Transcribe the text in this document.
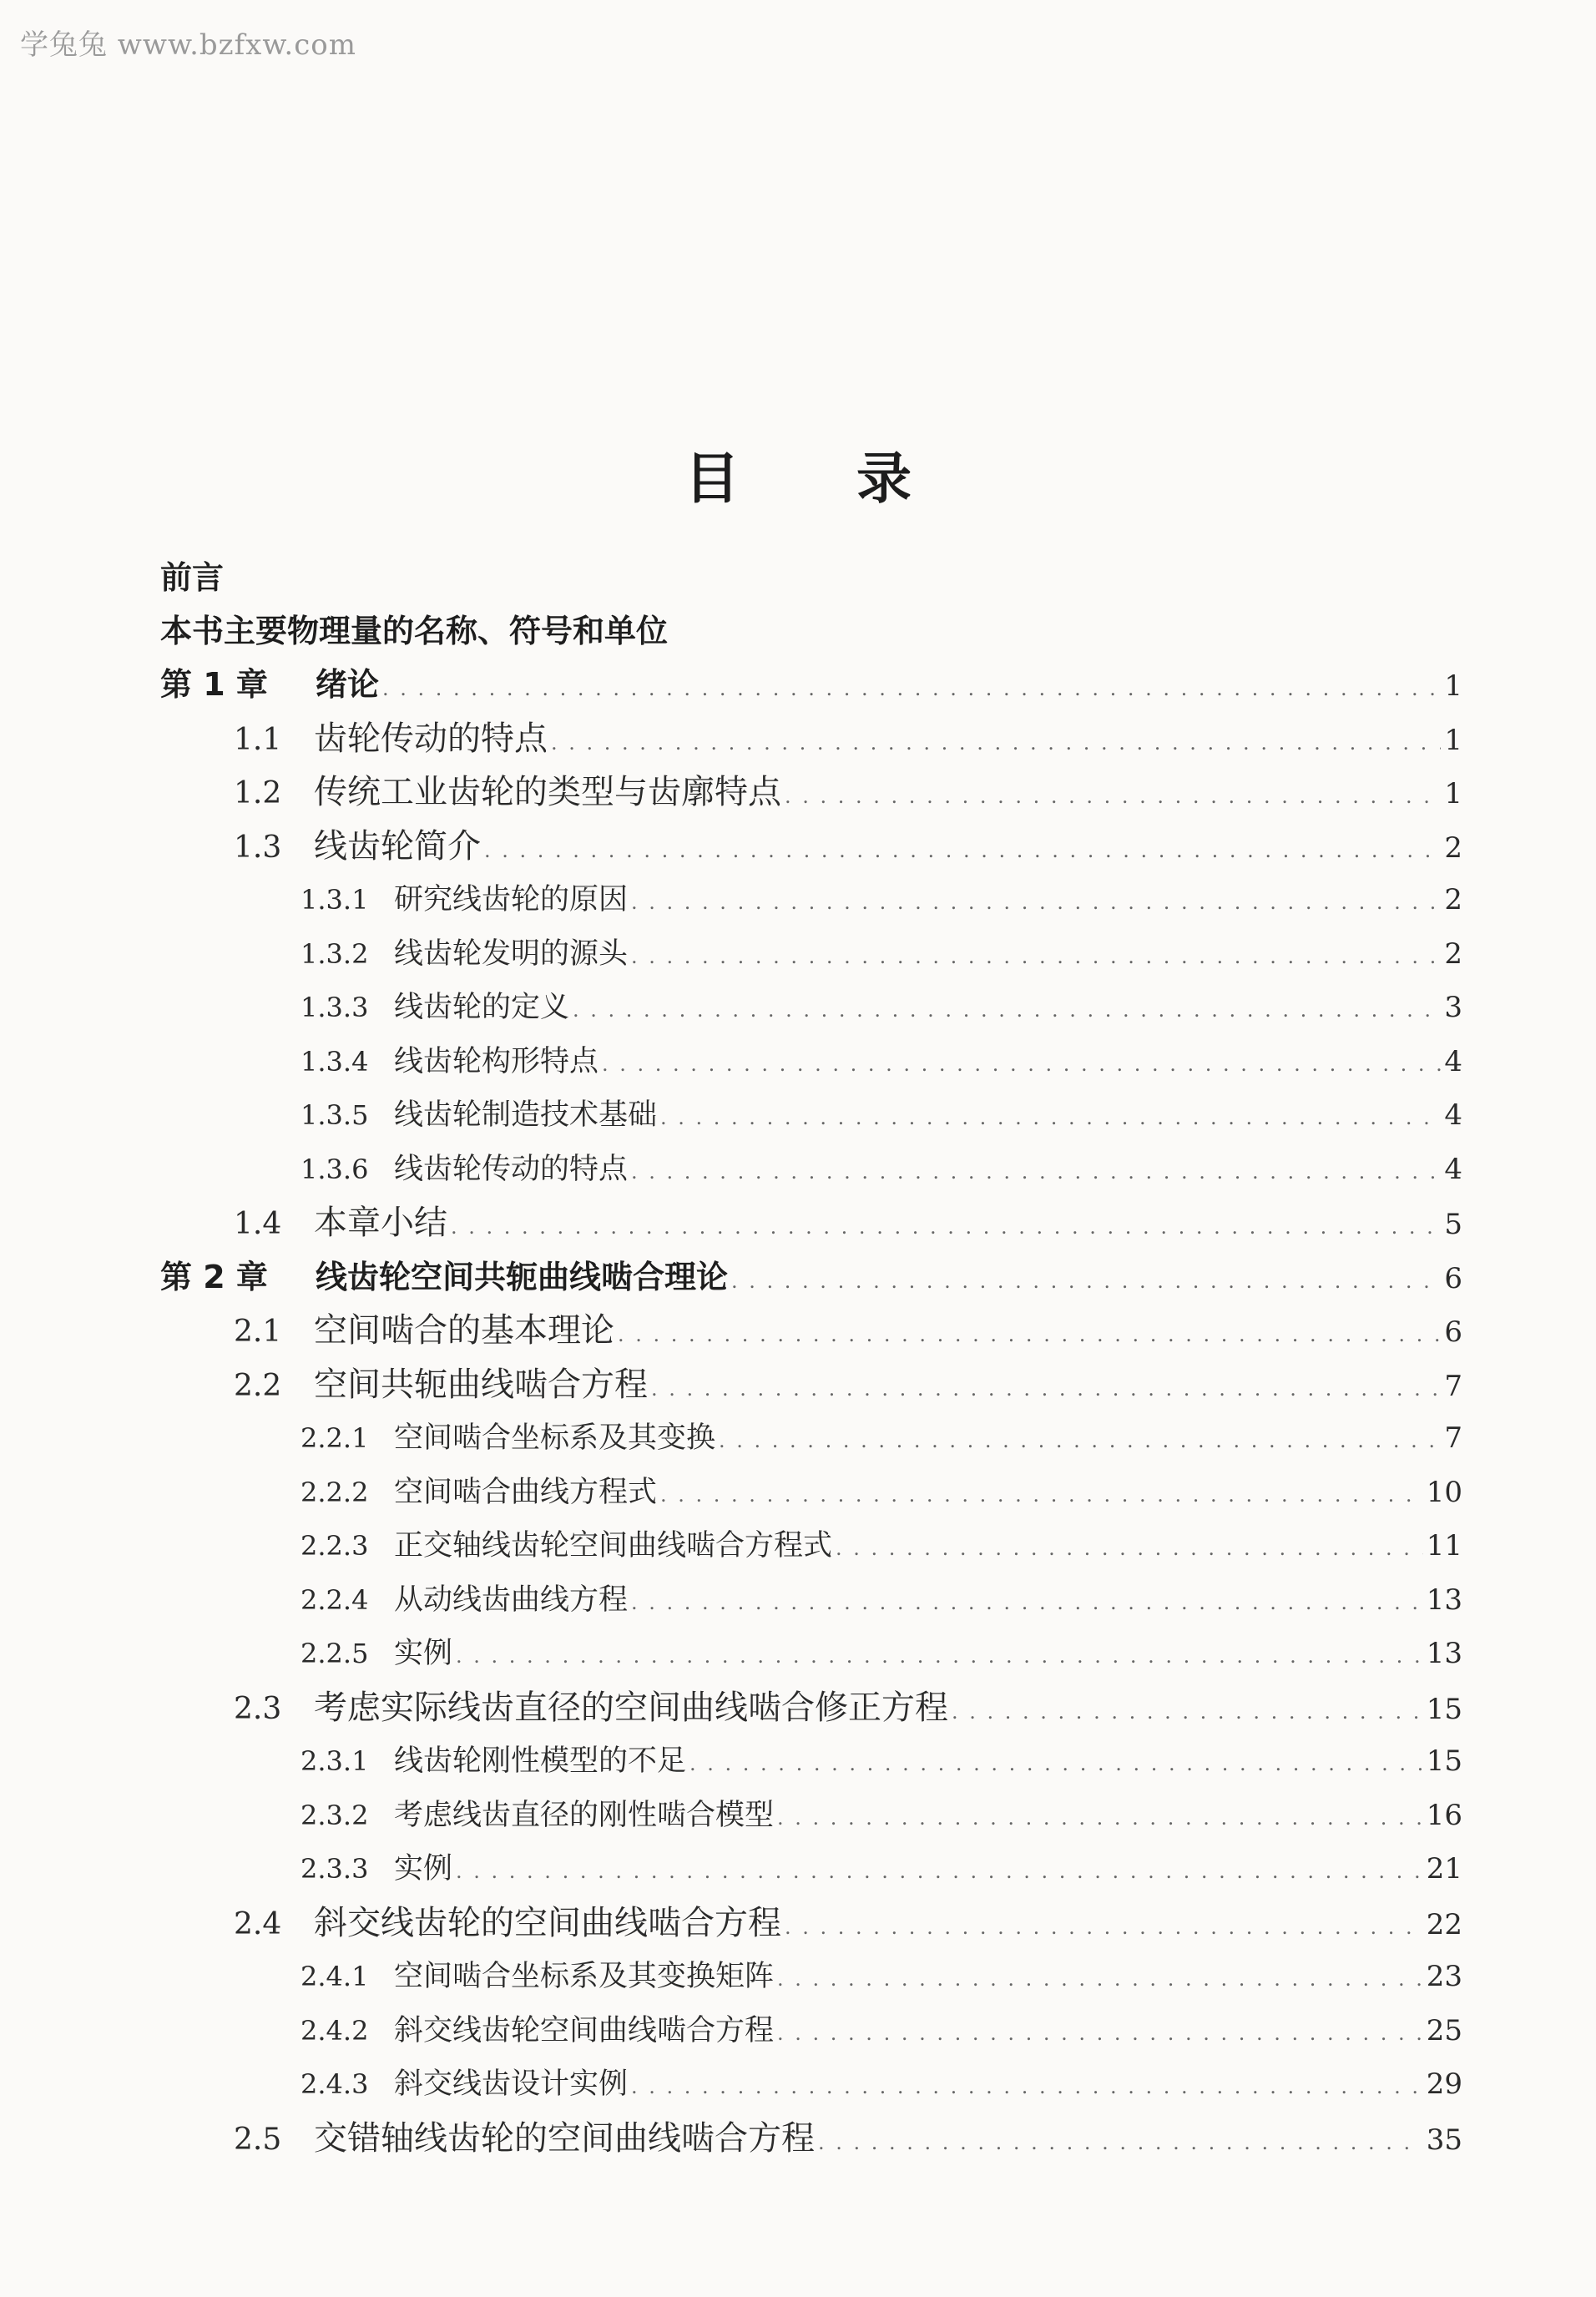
学兔兔 www.bzfxw.com
目录
前言
本书主要物理量的名称、符号和单位
第 1 章	绪论 . . .	1
1.1 齿轮传动的特点 . . .	1
1.2 传统工业齿轮的类型与齿廓特点 . . .	1
1.3 线齿轮简介 . . .	2
1.3.1 研究线齿轮的原因 . . .	2
1.3.2 线齿轮发明的源头 . . .	2
1.3.3 线齿轮的定义 . . .	3
1.3.4 线齿轮构形特点 . . .	4
1.3.5 线齿轮制造技术基础 . . .	4
1.3.6 线齿轮传动的特点 . . .	4
1.4 本章小结 . . .	5
第 2 章	线齿轮空间共轭曲线啮合理论 . . .	6
2.1 空间啮合的基本理论 . . .	6
2.2 空间共轭曲线啮合方程 . . .	7
2.2.1 空间啮合坐标系及其变换 . . .	7
2.2.2 空间啮合曲线方程式 . . .	10
2.2.3 正交轴线齿轮空间曲线啮合方程式 . . .	11
2.2.4 从动线齿曲线方程 . . .	13
2.2.5 实例 . . .	13
2.3 考虑实际线齿直径的空间曲线啮合修正方程 . . .	15
2.3.1 线齿轮刚性模型的不足 . . .	15
2.3.2 考虑线齿直径的刚性啮合模型 . . .	16
2.3.3 实例 . . .	21
2.4 斜交线齿轮的空间曲线啮合方程 . . .	22
2.4.1 空间啮合坐标系及其变换矩阵 . . .	23
2.4.2 斜交线齿轮空间曲线啮合方程 . . .	25
2.4.3 斜交线齿设计实例 . . .	29
2.5 交错轴线齿轮的空间曲线啮合方程 . . .	35
